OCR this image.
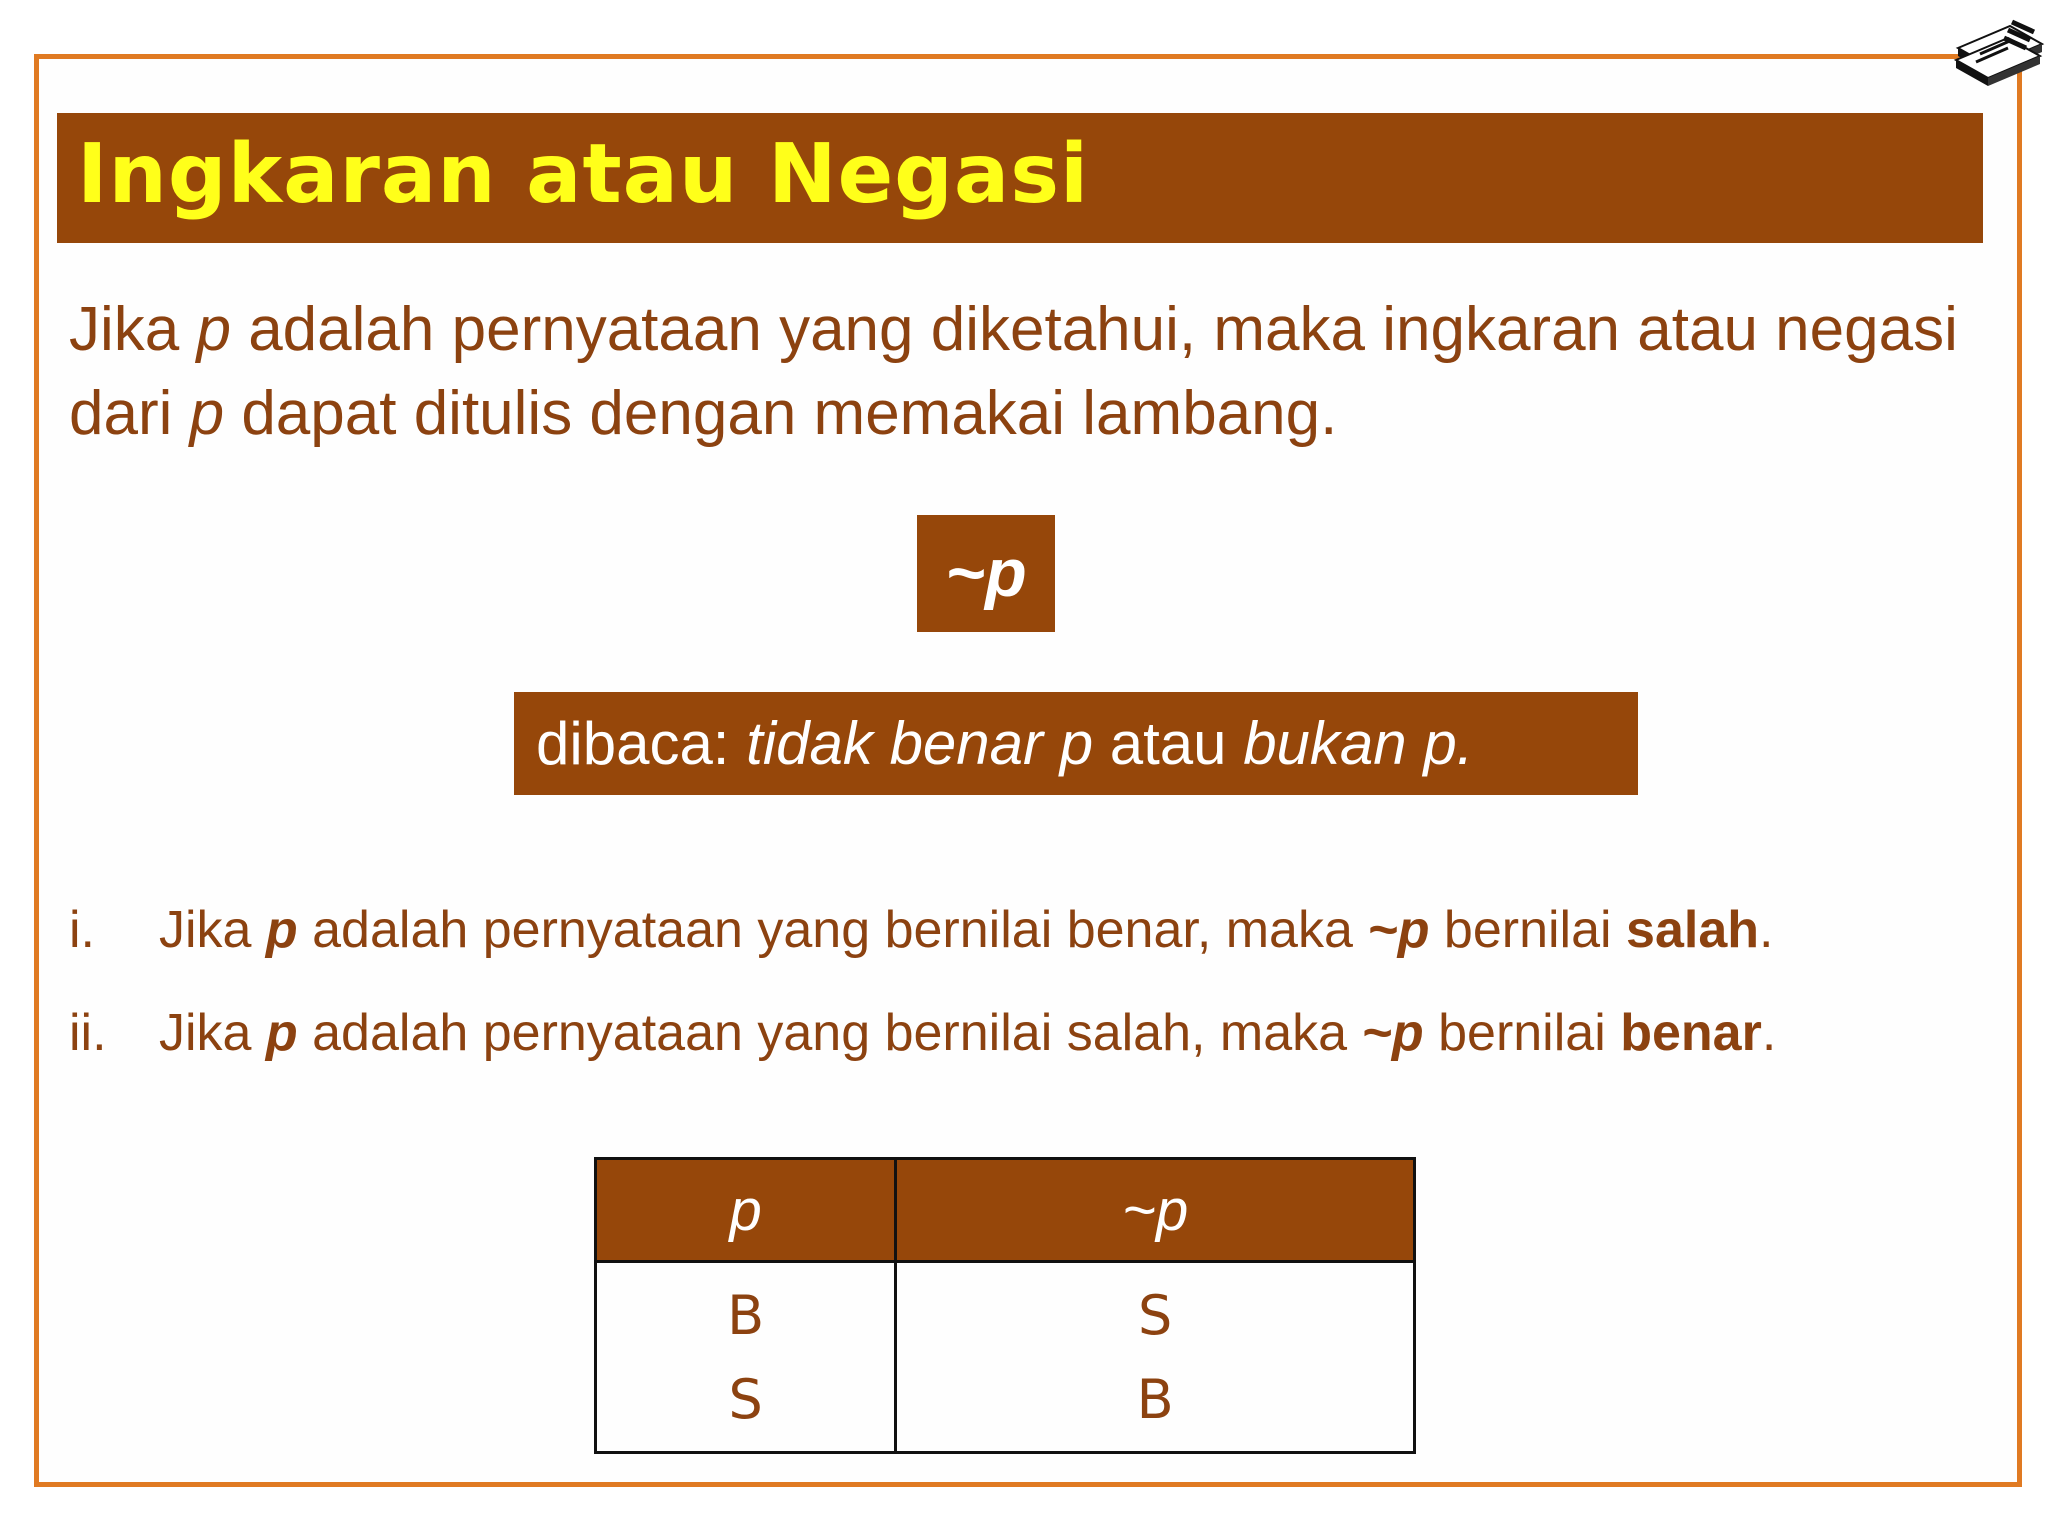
Ingkaran atau Negasi
Jika p adalah pernyataan yang diketahui, maka ingkaran atau negasi dari p dapat ditulis dengan memakai lambang.
~p
dibaca: tidak benar p atau bukan p.
i. Jika p adalah pernyataan yang bernilai benar, maka ~p bernilai salah.
ii. Jika p adalah pernyataan yang bernilai salah, maka ~p bernilai benar.
p	~p
B	S
S	B
